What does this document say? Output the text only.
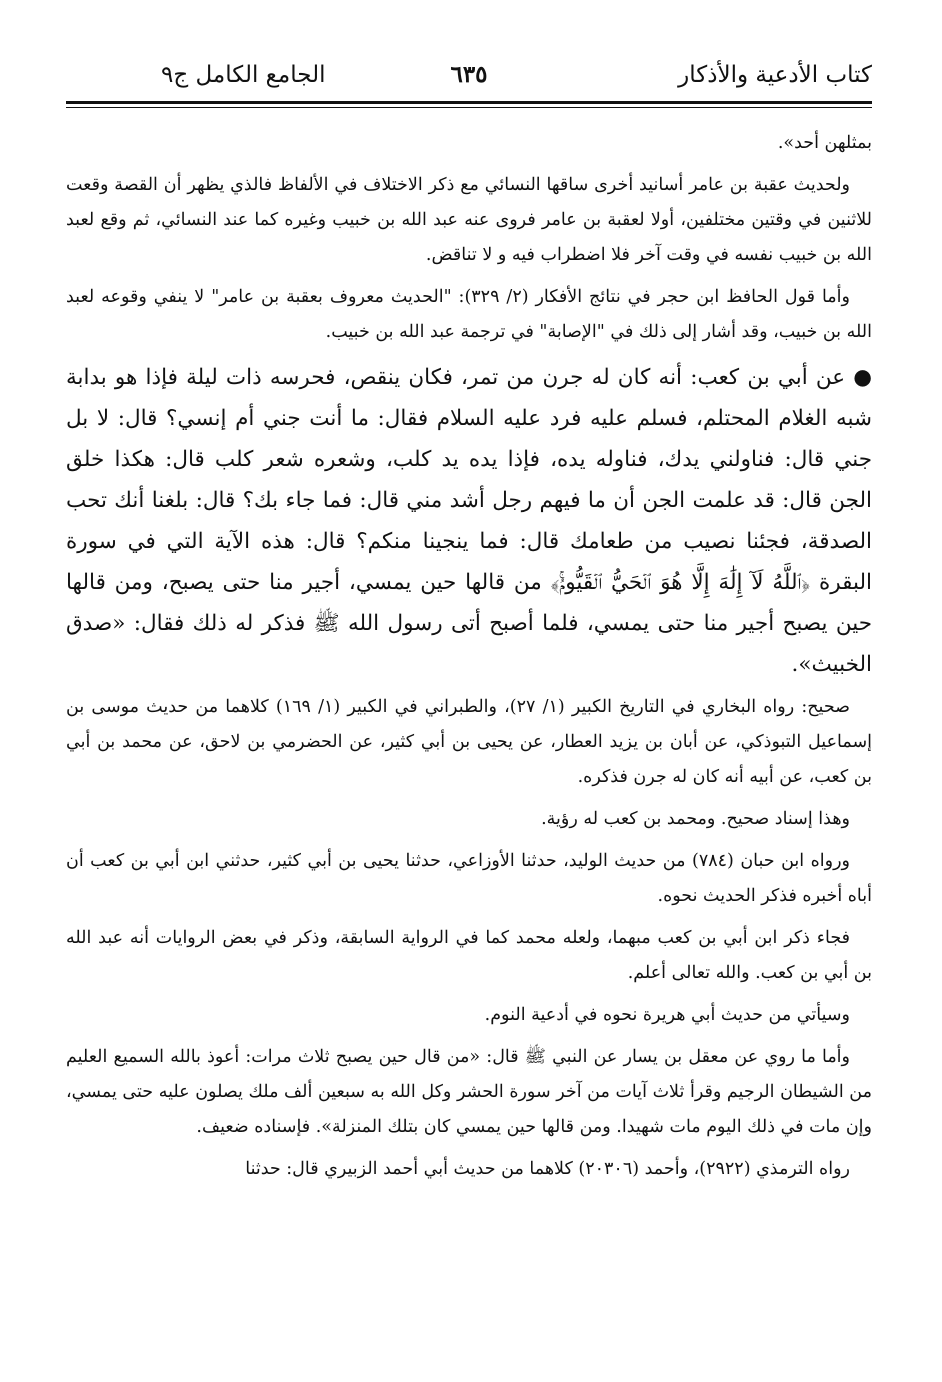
كتاب الأدعية والأذكار
٦٣٥
الجامع الكامل ج٩

بمثلهن أحد».

ولحديث عقبة بن عامر أسانيد أخرى ساقها النسائي مع ذكر الاختلاف في الألفاظ فالذي يظهر أن القصة وقعت للاثنين في وقتين مختلفين، أولا لعقبة بن عامر فروى عنه عبد الله بن خبيب وغيره كما عند النسائي، ثم وقع لعبد الله بن خبيب نفسه في وقت آخر فلا اضطراب فيه و لا تناقض.

وأما قول الحافظ ابن حجر في نتائج الأفكار (٢/ ٣٢٩): "الحديث معروف بعقبة بن عامر" لا ينفي وقوعه لعبد الله بن خبيب، وقد أشار إلى ذلك في "الإصابة" في ترجمة عبد الله بن خبيب.

● عن أبي بن كعب: أنه كان له جرن من تمر، فكان ينقص، فحرسه ذات ليلة فإذا هو بدابة شبه الغلام المحتلم، فسلم عليه فرد عليه السلام فقال: ما أنت جني أم إنسي؟ قال: لا بل جني قال: فناولني يدك، فناوله يده، فإذا يده يد كلب، وشعره شعر كلب قال: هكذا خلق الجن قال: قد علمت الجن أن ما فيهم رجل أشد مني قال: فما جاء بك؟ قال: بلغنا أنك تحب الصدقة، فجئنا نصيب من طعامك قال: فما ينجينا منكم؟ قال: هذه الآية التي في سورة البقرة ﴿ٱللَّهُ لَآ إِلَٰهَ إِلَّا هُوَ ٱلۡحَيُّ ٱلۡقَيُّومُۚ﴾ من قالها حين يمسي، أجير منا حتى يصبح، ومن قالها حين يصبح أجير منا حتى يمسي، فلما أصبح أتى رسول الله ﷺ فذكر له ذلك فقال: «صدق الخبيث».

صحيح: رواه البخاري في التاريخ الكبير (١/ ٢٧)، والطبراني في الكبير (١/ ١٦٩) كلاهما من حديث موسى بن إسماعيل التبوذكي، عن أبان بن يزيد العطار، عن يحيى بن أبي كثير، عن الحضرمي بن لاحق، عن محمد بن أبي بن كعب، عن أبيه أنه كان له جرن فذكره.

وهذا إسناد صحيح. ومحمد بن كعب له رؤية.

ورواه ابن حبان (٧٨٤) من حديث الوليد، حدثنا الأوزاعي، حدثنا يحيى بن أبي كثير، حدثني ابن أبي بن كعب أن أباه أخبره فذكر الحديث نحوه.

فجاء ذكر ابن أبي بن كعب مبهما، ولعله محمد كما في الرواية السابقة، وذكر في بعض الروايات أنه عبد الله بن أبي بن كعب. والله تعالى أعلم.

وسيأتي من حديث أبي هريرة نحوه في أدعية النوم.

وأما ما روي عن معقل بن يسار عن النبي ﷺ قال: «من قال حين يصبح ثلاث مرات: أعوذ بالله السميع العليم من الشيطان الرجيم وقرأ ثلاث آيات من آخر سورة الحشر وكل الله به سبعين ألف ملك يصلون عليه حتى يمسي، وإن مات في ذلك اليوم مات شهيدا. ومن قالها حين يمسي كان بتلك المنزلة». فإسناده ضعيف.

رواه الترمذي (٢٩٢٢)، وأحمد (٢٠٣٠٦) كلاهما من حديث أبي أحمد الزبيري قال: حدثنا
